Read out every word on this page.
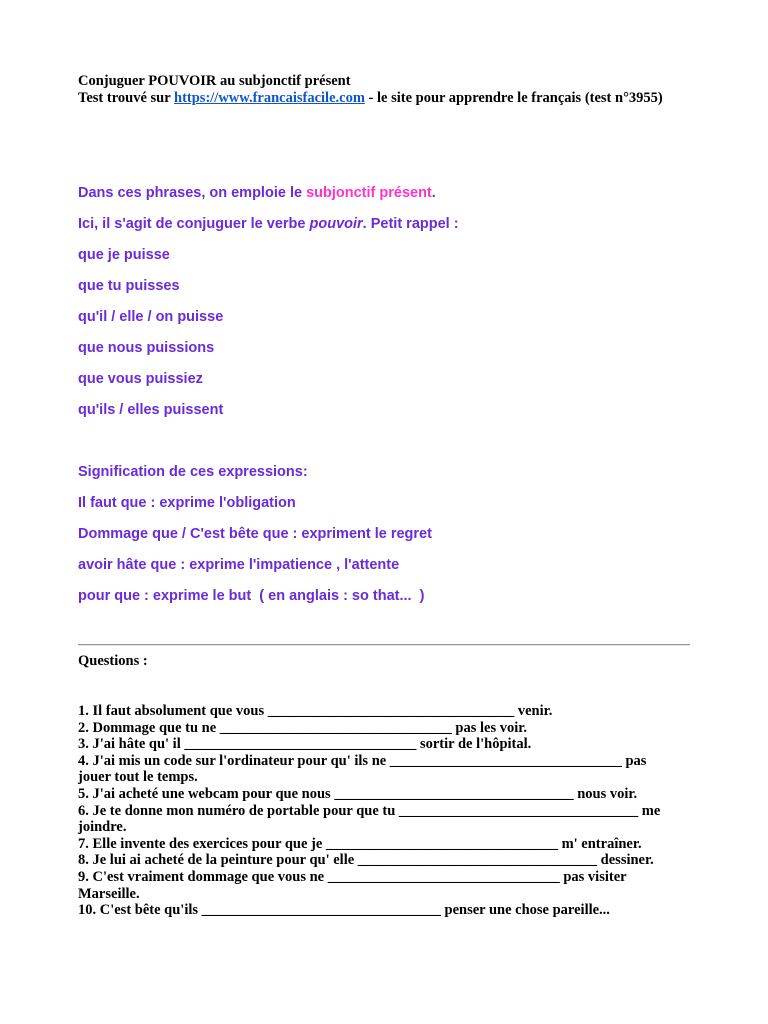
Conjuguer POUVOIR au subjonctif présent
Test trouvé sur https://www.francaisfacile.com - le site pour apprendre le français (test n°3955)
Dans ces phrases, on emploie le subjonctif présent.
Ici, il s'agit de conjuguer le verbe pouvoir. Petit rappel :
que je puisse
que tu puisses
qu'il / elle / on puisse
que nous puissions
que vous puissiez
qu'ils / elles puissent
Signification de ces expressions:
Il faut que : exprime l'obligation
Dommage que / C'est bête que : expriment le regret
avoir hâte que : exprime l'impatience , l'attente
pour que : exprime le but  ( en anglais : so that...  )
Questions :

1. Il faut absolument que vous __________________________________ venir.

2. Dommage que tu ne ________________________________ pas les voir.

3. J'ai hâte qu' il ________________________________ sortir de l'hôpital.

4. J'ai mis un code sur l'ordinateur pour qu' ils ne ________________________________ pas jouer tout le temps.

5. J'ai acheté une webcam pour que nous _________________________________ nous voir.

6. Je te donne mon numéro de portable pour que tu _________________________________ me joindre.

7. Elle invente des exercices pour que je ________________________________ m' entraîner.

8. Je lui ai acheté de la peinture pour qu' elle _________________________________ dessiner.

9. C'est vraiment dommage que vous ne ________________________________ pas visiter Marseille.

10. C'est bête qu'ils _________________________________ penser une chose pareille...
